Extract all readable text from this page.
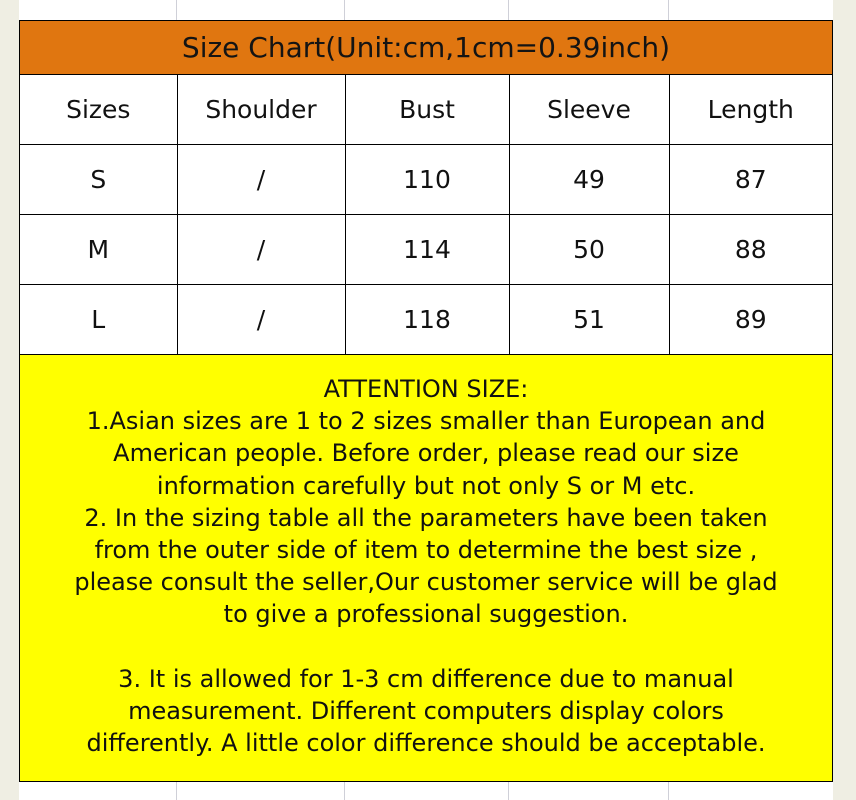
Size Chart(Unit:cm,1cm=0.39inch)
Sizes	Shoulder	Bust	Sleeve	Length
S	/	110	49	87
M	/	114	50	88
L	/	118	51	89
ATTENTION SIZE:
1.Asian sizes are 1 to 2 sizes smaller than European and
American people. Before order, please read our size
information carefully but not only S or M etc.
2. In the sizing table all the parameters have been taken
from the outer side of item to determine the best size ,
please consult the seller,Our customer service will be glad
to give a professional suggestion.
3. It is allowed for 1-3 cm difference due to manual
measurement. Different computers display colors
differently. A little color difference should be acceptable.
